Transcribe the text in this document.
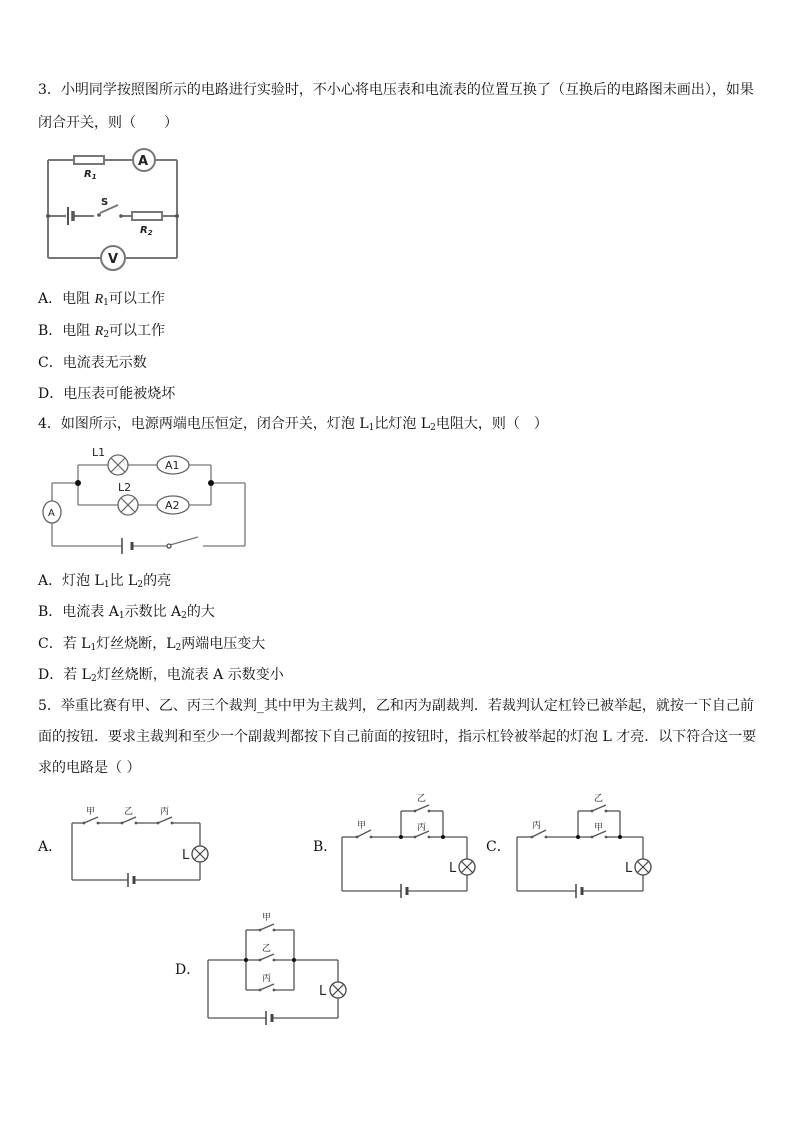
3．小明同学按照图所示的电路进行实验时，不小心将电压表和电流表的位置互换了（互换后的电路图未画出），如果
闭合开关，则（　　）
A
V
S
$R_1$
$R_2$
A．电阻 $R_1$可以工作
B．电阻 $R_2$可以工作
C．电流表无示数
D．电压表可能被烧坏
4．如图所示，电源两端电压恒定，闭合开关，灯泡 $L_1$比灯泡 $L_2$电阻大，则（　）
L1
L2
A1
A2
A
A．灯泡 $L_1$比 $L_2$的亮
B．电流表 $A_1$示数比 $A_2$的大
C．若 $L_1$灯丝烧断，$L_2$两端电压变大
D．若 $L_2$灯丝烧断，电流表 A 示数变小
5．举重比赛有甲、乙、丙三个裁判_其中甲为主裁判，乙和丙为副裁判．若裁判认定杠铃已被举起，就按一下自己前
面的按钮．要求主裁判和至少一个副裁判都按下自己前面的按钮时，指示杠铃被举起的灯泡 L 才亮．以下符合这一要
求的电路是（ ）
A．
甲	乙	丙
L
B．
甲
乙
丙
L
C．
丙
乙
甲
L
D．
甲
乙
丙
L
